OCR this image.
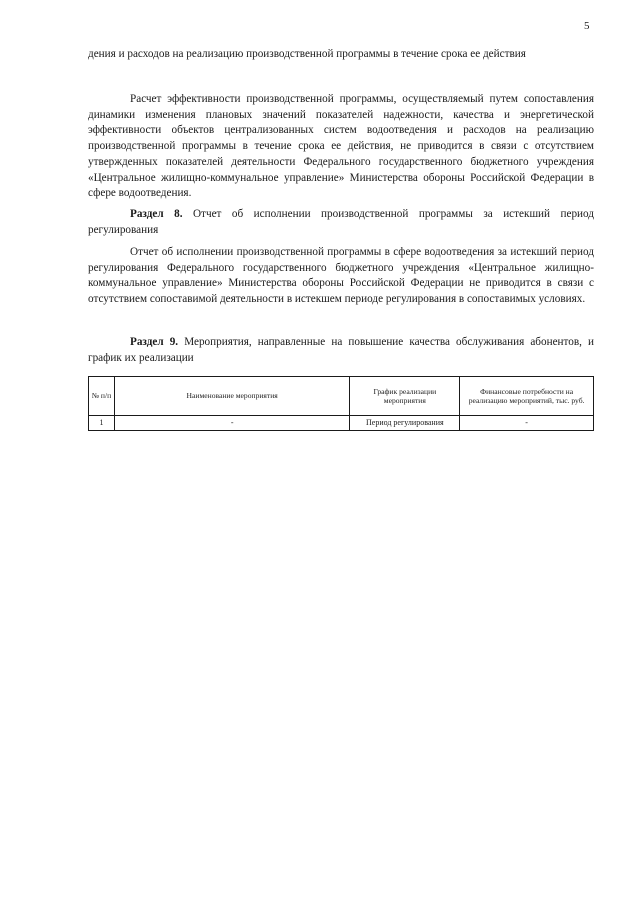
5

дения и расходов на реализацию производственной программы в течение срока ее действия

Расчет эффективности производственной программы, осуществляемый путем сопоставления динамики изменения плановых значений показателей надежности, качества и энергетической эффективности объектов централизованных систем водоотведения и расходов на реализацию производственной программы в течение срока ее действия, не приводится в связи с отсутствием утвержденных показателей деятельности Федерального государственного бюджетного учреждения «Центральное жилищно-коммунальное управление» Министерства обороны Российской Федерации в сфере водоотведения.

Раздел 8. Отчет об исполнении производственной программы за истекший период регулирования

Отчет об исполнении производственной программы в сфере водоотведения за истекший период регулирования Федерального государственного бюджетного учреждения «Центральное жилищно-коммунальное управление» Министерства обороны Российской Федерации не приводится в связи с отсутствием сопоставимой деятельности в истекшем периоде регулирования в сопоставимых условиях.

Раздел 9. Мероприятия, направленные на повышение качества обслуживания абонентов, и график их реализации

№ п/п	Наименование мероприятия	График реализации мероприятия	Финансовые потребности на реализацию мероприятий, тыс. руб.
1	-	Период регулирования	-
